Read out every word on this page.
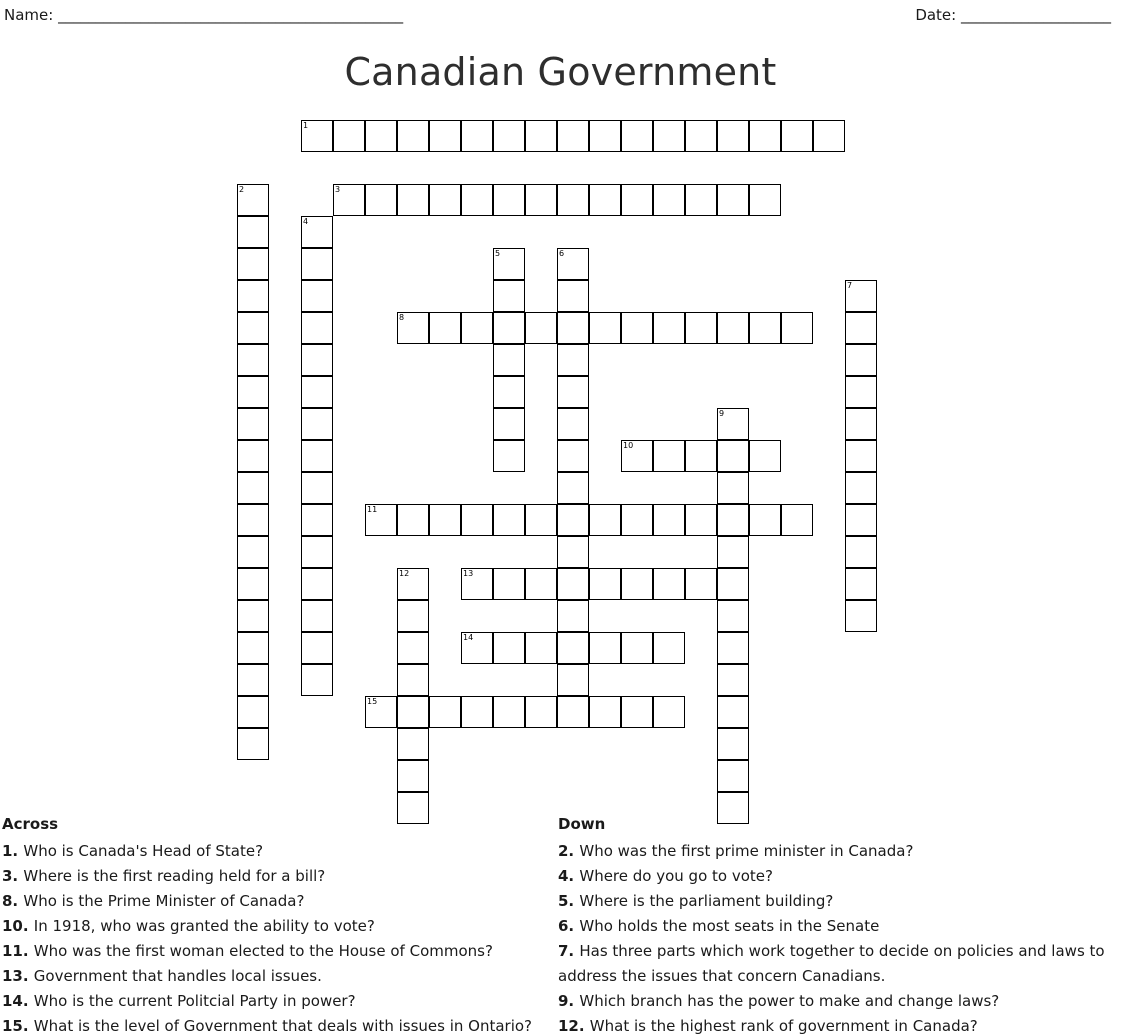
Name: ______________________________________________	Date: ____________________
Canadian Government
1
2	3
4
5	6
7
8
9
10
11
12	13
14
15
Across
1. Who is Canada's Head of State?
3. Where is the first reading held for a bill?
8. Who is the Prime Minister of Canada?
10. In 1918, who was granted the ability to vote?
11. Who was the first woman elected to the House of Commons?
13. Government that handles local issues.
14. Who is the current Politcial Party in power?
15. What is the level of Government that deals with issues in Ontario?
Down
2. Who was the first prime minister in Canada?
4. Where do you go to vote?
5. Where is the parliament building?
6. Who holds the most seats in the Senate
7. Has three parts which work together to decide on policies and laws to address the issues that concern Canadians.
9. Which branch has the power to make and change laws?
12. What is the highest rank of government in Canada?
